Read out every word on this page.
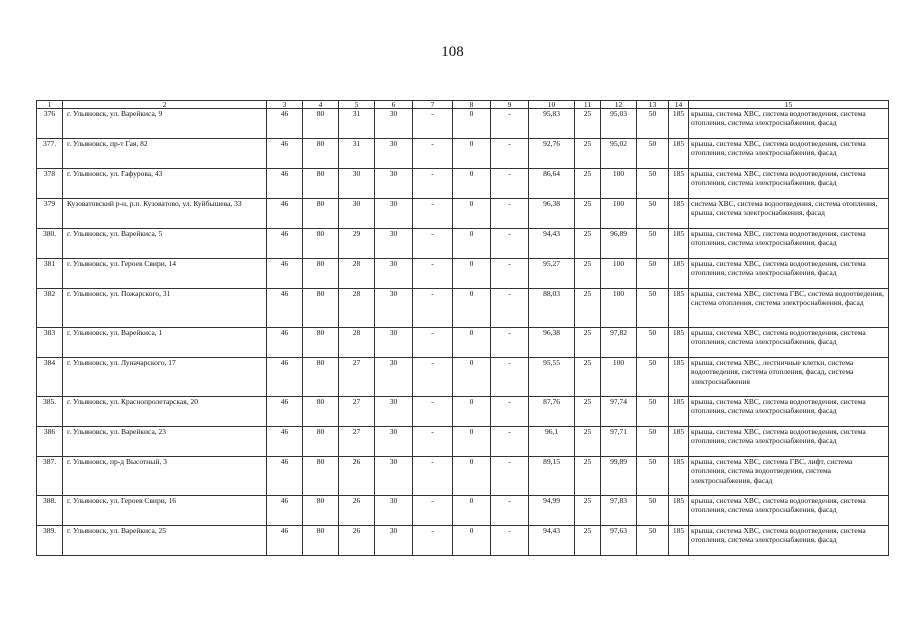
108
1	2	3	4	5	6	7	8	9	10	11	12	13	14	15
376	г. Ульяновск, ул. Варейкиса, 9	46	80	31	30	-	0	-	95,83	25	95,03	50	185	крыша, система ХВС, система водоотведения, система отопления, система электроснабжения, фасад
377.	г. Ульяновск, пр-т Гая, 82	46	80	31	30	-	0	-	92,76	25	95,02	50	185	крыша, система ХВС, система водоотведения, система отопления, система электроснабжения, фасад
378	г. Ульяновск, ул. Гафурова, 43	46	80	30	30	-	0	-	86,64	25	100	50	185	крыша, система ХВС, система водоотведения, система отопления, система электроснабжения, фасад
379	Кузоватовский р-н, р.п. Кузоватово, ул. Куйбышева, 33	46	80	30	30	-	0	-	96,38	25	100	50	185	система ХВС, система водоотведения, система отопления, крыша, система электроснабжения, фасад
380.	г. Ульяновск, ул. Варейкиса, 5	46	80	29	30	-	0	-	94,43	25	96,89	50	185	крыша, система ХВС, система водоотведения, система отопления, система электроснабжения, фасад
381	г. Ульяновск, ул. Героев Свири, 14	46	80	28	30	-	0	-	95,27	25	100	50	185	крыша, система ХВС, система водоотведения, система отопления, система электроснабжения, фасад
382	г. Ульяновск, ул. Пожарского, 31	46	80	28	30	-	0	-	88,03	25	100	50	185	крыша, система ХВС, система ГВС, система водоотведения, система отопления, система электроснабжения, фасад
383	г. Ульяновск, ул. Варейкиса, 1	46	80	28	30	-	0	-	96,38	25	97,82	50	185	крыша, система ХВС, система водоотведения, система отопления, система электроснабжения, фасад
384	г. Ульяновск, ул. Луначарского, 17	46	80	27	30	-	0	-	95,55	25	100	50	185	крыша, система ХВС, лестничные клетки, система водоотведения, система отопления, фасад, система электроснабжения
385.	г. Ульяновск, ул. Краснопролетарская, 20	46	80	27	30	-	0	-	87,76	25	97,74	50	185	крыша, система ХВС, система водоотведения, система отопления, система электроснабжения, фасад
386	г. Ульяновск, ул. Варейкиса, 23	46	80	27	30	-	0	-	96,1	25	97,71	50	185	крыша, система ХВС, система водоотведения, система отопления, система электроснабжения, фасад
387.	г. Ульяновск, пр-д Высотный, 3	46	80	26	30	-	0	-	89,15	25	99,89	50	185	крыша, система ХВС, система ГВС, лифт, система отопления, система водоотведения, система электроснабжения, фасад
388.	г. Ульяновск, ул. Героев Свири, 16	46	80	26	30	-	0	-	94,99	25	97,83	50	185	крыша, система ХВС, система водоотведения, система отопления, система электроснабжения, фасад
389.	г. Ульяновск, ул. Варейкиса, 25	46	80	26	30	-	0	-	94,43	25	97,63	50	185	крыша, система ХВС, система водоотведения, система отопления, система электроснабжения, фасад
